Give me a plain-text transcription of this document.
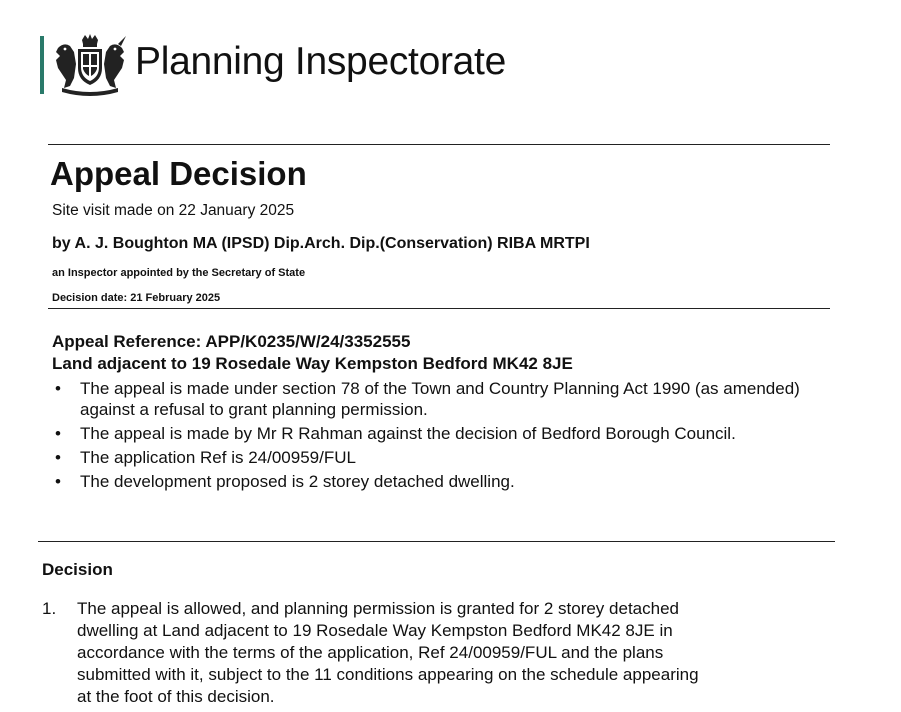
Planning Inspectorate
Appeal Decision
Site visit made on 22 January 2025
by A. J. Boughton MA (IPSD) Dip.Arch. Dip.(Conservation) RIBA MRTPI
an Inspector appointed by the Secretary of State
Decision date: 21 February 2025
Appeal Reference: APP/K0235/W/24/3352555
Land adjacent to 19 Rosedale Way Kempston Bedford MK42 8JE
• The appeal is made under section 78 of the Town and Country Planning Act 1990 (as amended) against a refusal to grant planning permission.
• The appeal is made by Mr R Rahman against the decision of Bedford Borough Council.
• The application Ref is 24/00959/FUL
• The development proposed is 2 storey detached dwelling.
Decision
1. The appeal is allowed, and planning permission is granted for 2 storey detached
dwelling at Land adjacent to 19 Rosedale Way Kempston Bedford MK42 8JE in
accordance with the terms of the application, Ref 24/00959/FUL and the plans
submitted with it, subject to the 11 conditions appearing on the schedule appearing
at the foot of this decision.
